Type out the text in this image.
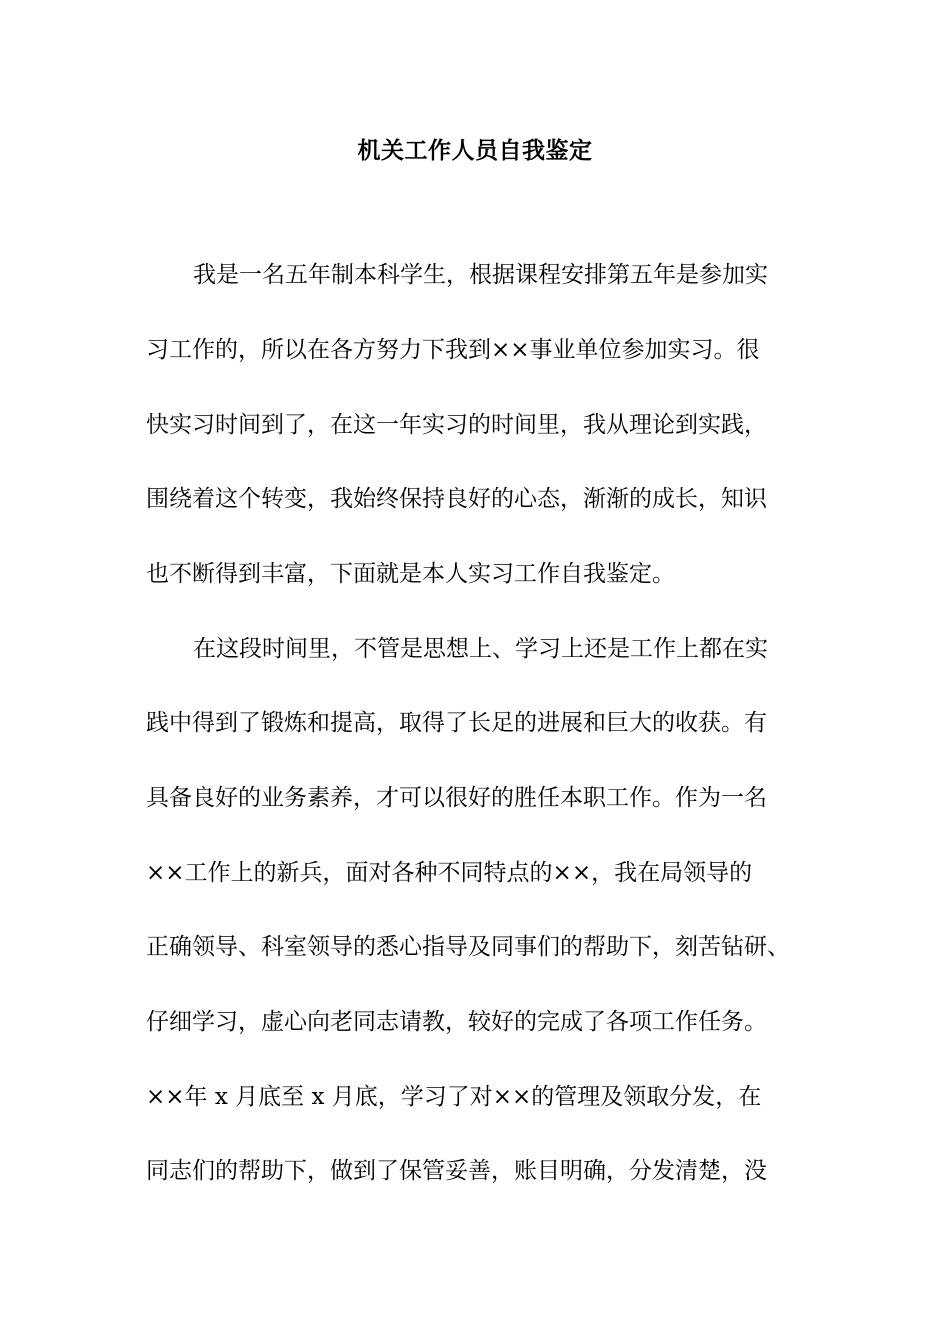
机关工作人员自我鉴定

我是一名五年制本科学生，根据课程安排第五年是参加实

习工作的，所以在各方努力下我到××事业单位参加实习。很

快实习时间到了，在这一年实习的时间里，我从理论到实践，

围绕着这个转变，我始终保持良好的心态，渐渐的成长，知识

也不断得到丰富，下面就是本人实习工作自我鉴定。

在这段时间里，不管是思想上、学习上还是工作上都在实

践中得到了锻炼和提高，取得了长足的进展和巨大的收获。有

具备良好的业务素养，才可以很好的胜任本职工作。作为一名

××工作上的新兵，面对各种不同特点的××，我在局领导的

正确领导、科室领导的悉心指导及同事们的帮助下，刻苦钻研、

仔细学习，虚心向老同志请教，较好的完成了各项工作任务。

××年 x 月底至 x 月底，学习了对××的管理及领取分发，在

同志们的帮助下，做到了保管妥善，账目明确，分发清楚，没
